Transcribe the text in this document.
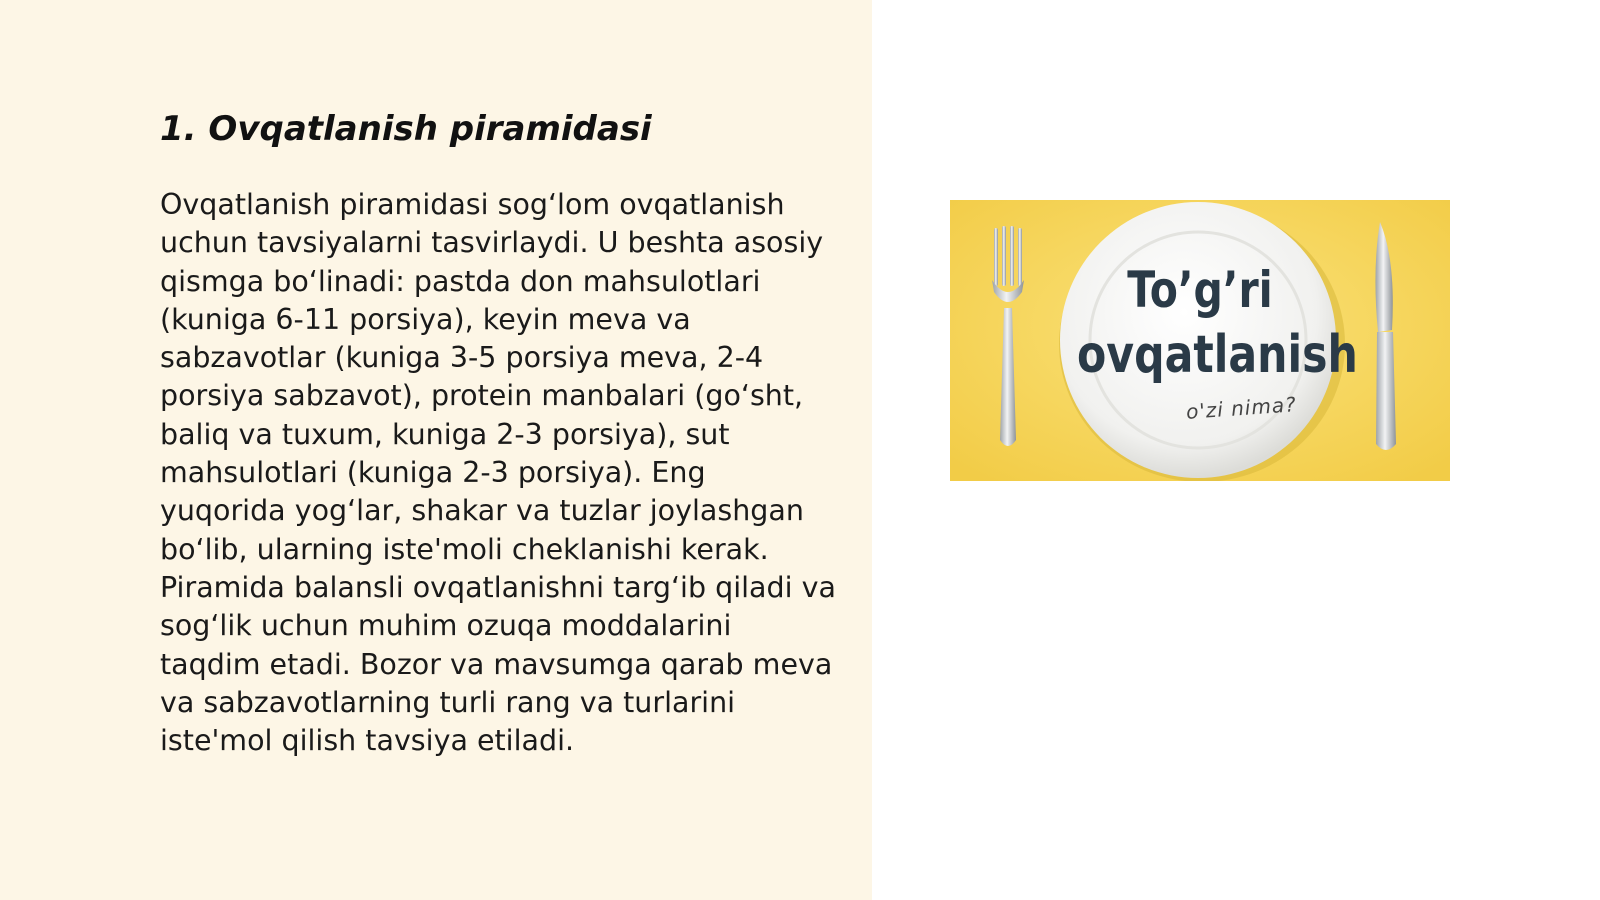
1. Ovqatlanish piramidasi

Ovqatlanish piramidasi sog‘lom ovqatlanish uchun tavsiyalarni tasvirlaydi. U beshta asosiy qismga bo‘linadi: pastda don mahsulotlari (kuniga 6-11 porsiya), keyin meva va sabzavotlar (kuniga 3-5 porsiya meva, 2-4 porsiya sabzavot), protein manbalari (go‘sht, baliq va tuxum, kuniga 2-3 porsiya), sut mahsulotlari (kuniga 2-3 porsiya). Eng yuqorida yog‘lar, shakar va tuzlar joylashgan bo‘lib, ularning iste'moli cheklanishi kerak. Piramida balansli ovqatlanishni targ‘ib qiladi va sog‘lik uchun muhim ozuqa moddalarini taqdim etadi. Bozor va mavsumga qarab meva va sabzavotlarning turli rang va turlarini iste'mol qilish tavsiya etiladi.

To’g’ri
ovqatlanish
o'zi nima?
